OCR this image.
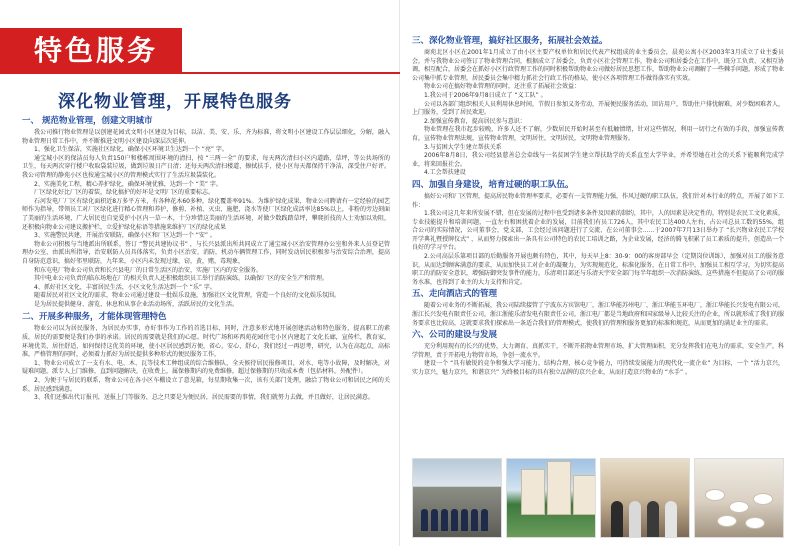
特色服务
深化物业管理，开展特色服务
一、 规范物业管理，创建文明城市

我公司推行物业管理是以创建花园式文明小区建设为目标，以洁、美、安、乐、齐为标准，将文明小区建设工作层层细化，分解，融入物业管理日常工作中，并不断推进文明小区建设向深层次延伸。

1、强化卫生保洁，实施社区绿化，确保小区环境卫生达到一个 “亮” 字。

通宝城小区的保洁员每人负责150户和楼栋周围环境的清扫，按 “三两一全” 的要求，每天两次清扫小区内道路，草坪，等公共场所的卫生，每天两次穿行楼户收取袋装垃圾，做到垃圾日产日清；还每天两次清扫楼道，擦拭扶手，使小区每天都保持干净洁，深受住户好评。我公司管理的静苑小区也按通宝城小区的管理模式实行了生活垃圾袋装化。

2、实施美化工程，精心养护绿化，确保环境优雅，达到一个 “美” 字。

厂区绿化好比厂区的着装，绿化搞护的好坏是文明厂区的重要标志。

石河发电厂厂区有绿化面积近8万多平方米，有各种花木60多种，绿化覆盖率91%。为维护绿化成果，物业公司聘请有一定经验的园艺师作为指导，带领员工对厂区绿化进行精心管理和养护，修剪、补植、灭虫、施肥，浇水等使厂区绿化成活率达85%以上，非粉的旁边刻面了美丽的生活环境，广大居民也自觉爱护小区内一草一木，十分珍惜这美丽的生活环境，对做少数践踏草坪，攀爬折技的人士劝加以劝阻，还积极向物业公司建议搬护栏，立爱护绿化标语等措施来维护厂区的绿化成果

3、实施警民共建，开展治安联防，确保小区和厂区达到一个 “安” 。

物业公司积极与当地派出所联系，签订 “警民共建协议书” ，与长兴县派出所共同成立了通宝城小区治安管理办公室和外来人员登记管理办公室，由派出所指导，治安联防人员具体落实，负责小区治安，消防，机动车辆管理工作，同时发动居民积极参与治安综合治理，提高自身防范意识，搞好邻里联防，九年来，小区内未发现过缘，窃，黄，赌，毒现象，

和东屯电厂物业公司负责和长兴县电厂的日常生活区的治安，实施厂区内的安全服务。

其中电业公司负责的临东场地在厂的相关负责人还积极组织员工举行消防演练，以确保厂区的安全生产和管理。

4、抓好社区文化，丰富居民生活，小区文化生活达到一个 “乐” 字。

随着居民对社区文化的需求，物业公司通过建设一批娱乐设施，加强社区文化管理，营造一个良好的文化娱乐氛围。

是为居民提供健身、游览、休息和从事企业活动场所，活跃居民的文化生活。

二、开展多种服务，才能体现管理特色

物业公司以为居民服务，为居民办实事，办好事作为工作的首选目标，同时，注意多形式地开展创建活动和特色服务，提高职工的素质，居民的需要便是我们办事的承诺。居民的需要就是我们的心愿。时代广场和环西苑花园住宅小区内建起了文化长廊，宣传栏，教育家，环境优美，居住舒适，如何保持这优美的环境，使小区居民感到方便，省心，安心，舒心，我们经过一再思考，研究，认为在高起点，高标准，严格管理的同时，必须着力抓好为居民提供多种形式的便民服务工作，

1、物业公司成立了一支有水、电、木、瓦等技术工种组成的综合维修队，全天候待居民报修项目，对水、电等小故障，及时解决，对疑难问题，派专人上门维修，直到问题解决，在收费上，属保修期内的免费维修，超过保修期的只收成本费（包括材料，外配件）。

2、为便于与居民的联系，物业公司在各小区车棚设立了意见箱，每星期收集一次，该有关部门处理，融洽了物业公司和居民之间的关系，居民感到满意。

3、我们还推出代订报刊，送报上门等服务，总之只要是为便民居，居民需要的事情，我们就努力去做，并且做好，让居民满意。

三、深化物业管理，搞好社区服务，拓展社会效益。

商苑北区小区在2001年1月成立了由小区主要产权单位和居民代表产权组成的业主委员会，晨苑公寓小区2003年3月成立了业主委员会，并与我物业公司签订了物业管理合同，根据成立了居委会，负责小区社会管理工作，物业公司和居委会在工作中，既分工负责、又相互协调，相互配合，居委会在抓好小区行政管理工作的同时积极帮助物业公司做好居民思想工作，帮助物业公司调解了一些棘手问题，形成了物业公司集中抓专业管理，居民委员会集中精力抓社会行政工作的格局，使小区各项管理工作做得落实有实效。

物业公司在搞好物业管理的同时，还注重了拓展社会效益：

1.我公司于2006年9月8日成立了 “义工队” 。

公司以各部门组织相关人员利用休息时间，节假日参加义务劳动，开展便民服务活动，回访用户，帮助住户排忧解难，对少数困难者人，上门服务，受到了居民欢迎。

2.加强宣传教育，提高居民参与意识：

物业管理在我市起步较晚，许多人还不了解，少数居民开始时甚至有抵触情绪，针对这些情况，利用一切行之有效的手段，加强宣传教育，宣传物业管理法规，宣传物业管理，文明居住，文明居民，文明物业管理服务。

3.与贫困大学生建立帮扶关系

2006年8月8日，我公司经县慈善总会牵线与一名贫困学生建立帮扶助学的关系直至大学毕业，并希望她在社会的关系下能顺利完成学业，将来回报社会。

4.工会帮扶建设

四、加强自身建设，培育过硬的职工队伍。

搞好公司和厂区管理，提高居民物业管理率要求，必要有一支管理能力强，作风过硬的职工队伍，我们针对本行业的特点，开展了如下工作：

1.我公司这几年来所发展不错，但在发展的过程中也受到诸多条件及因素的制约，其中，人的因素是决定性的，特别是农民工文化素质，专业技能提升和培训问题，一直左右和困扰着企业的发展，目前我们有员工726人，其中农民工达400人左右，占公司总员工数的55%，组合公司的实际情况，公司董事会，党支部，工会经过该问题进行了交流，在公司董事会……于2007年7月13日举办了 “长兴物业农民工学校开学典礼暨授牌仪式” ，从而努力探索出一条具有公司特色的农民工培训之路，为企业发展，经济的腾飞积累了员工素质的提升，创造出一个良好的学习平台。

2.公司高层乐第项目部的后勤服务开展也颇有特色，其中，每天早上8：30-9：00的客房部早会（定期岗位训练），加强对员工的服务意识，从而达到顾客满意的要求，从而加快员工对企业的凝聚力，为实现规范化，标准化服务，在日常工作中，加强员工相互学习，为切实提高职工的消防安全意识，增强防御突发事件的能力，乐清项目部还与乐清天宇安全部门每半年组织一次消防演练，这些措施不但提高了公司的服务水准，也得到了业主的大力支持和肯定。

五、走向酒店式的管理

随着公司业务的不断拓展，我公司陆续接管了宁波东方宾馆电厂，浙江华能苏州电厂，浙江华能玉环电厂，浙江华能长兴发电有限公司，浙江长兴发电有限责任公司，浙江浙能乐清发电有限责任公司，浙江电厂都是当地政府和国家级导人比较关注的企业，所以就形成了我们的服务要求也比较高，这就要求我们探索出一条适合我们的管理模式，使我们的管理和服务更加的标准和规范，从而更加的满足业主的需求。

六、公司的建设与发展

充分利用现有的长兴的优势，大力调育、真抓实干，不断开拓物业管理市场，扩大管理面积，充分发挥我们在电力的需求，安全生产，科学管理，责于开拓电力物管市场，争创一流水平。

建设一个 “具有敏锐的竞争和强大学习能力，结构合理，核心竞争能力，可持续发展能力的现代化一流企业” 为目标，一个 “活力京兴，实力京兴，魅力京兴，和谐京兴” 为终极目标的具有独立品牌的京兴企业，从而打造京兴物业的 “水手” 。
